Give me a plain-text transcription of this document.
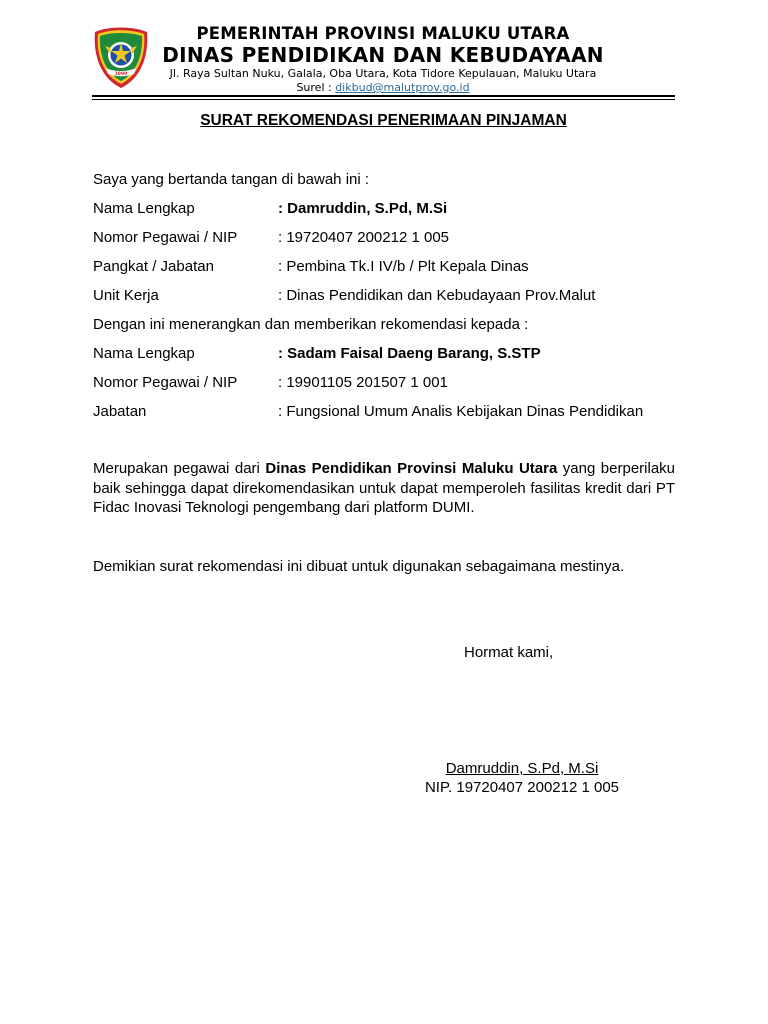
1999
PEMERINTAH PROVINSI MALUKU UTARA
DINAS PENDIDIKAN DAN KEBUDAYAAN
Jl. Raya Sultan Nuku, Galala, Oba Utara, Kota Tidore Kepulauan, Maluku Utara
Surel : dikbud@malutprov.go.id
SURAT REKOMENDASI PENERIMAAN PINJAMAN
Saya yang bertanda tangan di bawah ini :
Nama Lengkap	: Damruddin, S.Pd, M.Si
Nomor Pegawai / NIP	: 19720407 200212 1 005
Pangkat / Jabatan	: Pembina Tk.I IV/b / Plt Kepala Dinas
Unit Kerja	: Dinas Pendidikan dan Kebudayaan Prov.Malut
Dengan ini menerangkan dan memberikan rekomendasi kepada :
Nama Lengkap	: Sadam Faisal Daeng Barang, S.STP
Nomor Pegawai / NIP	: 19901105 201507 1 001
Jabatan	: Fungsional Umum Analis Kebijakan Dinas Pendidikan
Merupakan pegawai dari Dinas Pendidikan Provinsi Maluku Utara yang berperilaku baik sehingga dapat direkomendasikan untuk dapat memperoleh fasilitas kredit dari PT Fidac Inovasi Teknologi pengembang dari platform DUMI.
Demikian surat rekomendasi ini dibuat untuk digunakan sebagaimana mestinya.
Hormat kami,
Damruddin, S.Pd, M.Si
NIP. 19720407 200212 1 005
